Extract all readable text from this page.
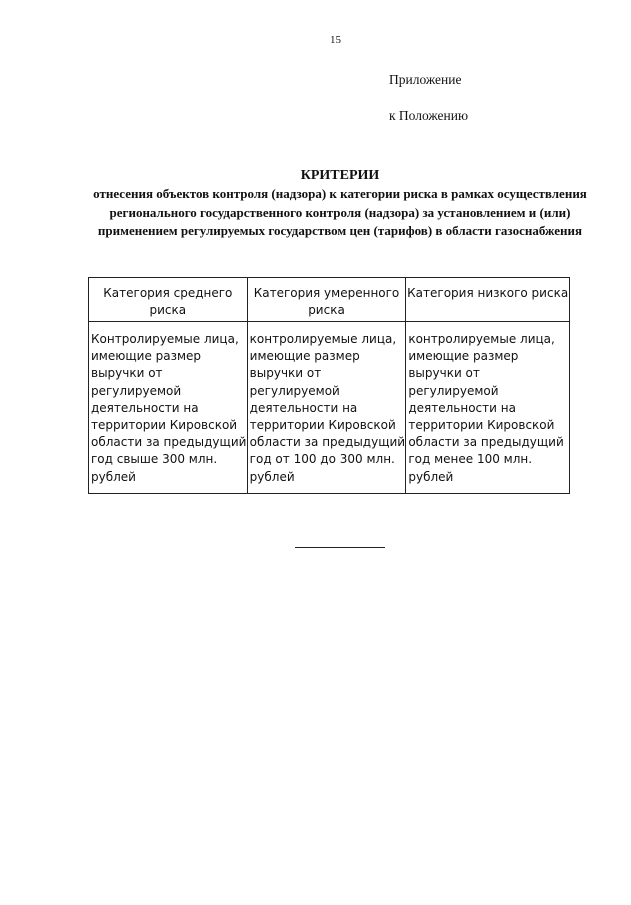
15
Приложение
к Положению
КРИТЕРИИ
отнесения объектов контроля (надзора) к категории риска в рамках осуществления регионального государственного контроля (надзора) за установлением и (или) применением регулируемых государством цен (тарифов) в области газоснабжения
Категория среднего риска	Категория умеренного риска	Категория низкого риска
Контролируемые лица, имеющие размер выручки от регулируемой деятельности на территории Кировской области за предыдущий год свыше 300 млн. рублей	контролируемые лица, имеющие размер выручки от регулируемой деятельности на территории Кировской области за предыдущий год от 100 до 300 млн. рублей	контролируемые лица, имеющие размер выручки от регулируемой деятельности на территории Кировской области за предыдущий год менее 100 млн. рублей
